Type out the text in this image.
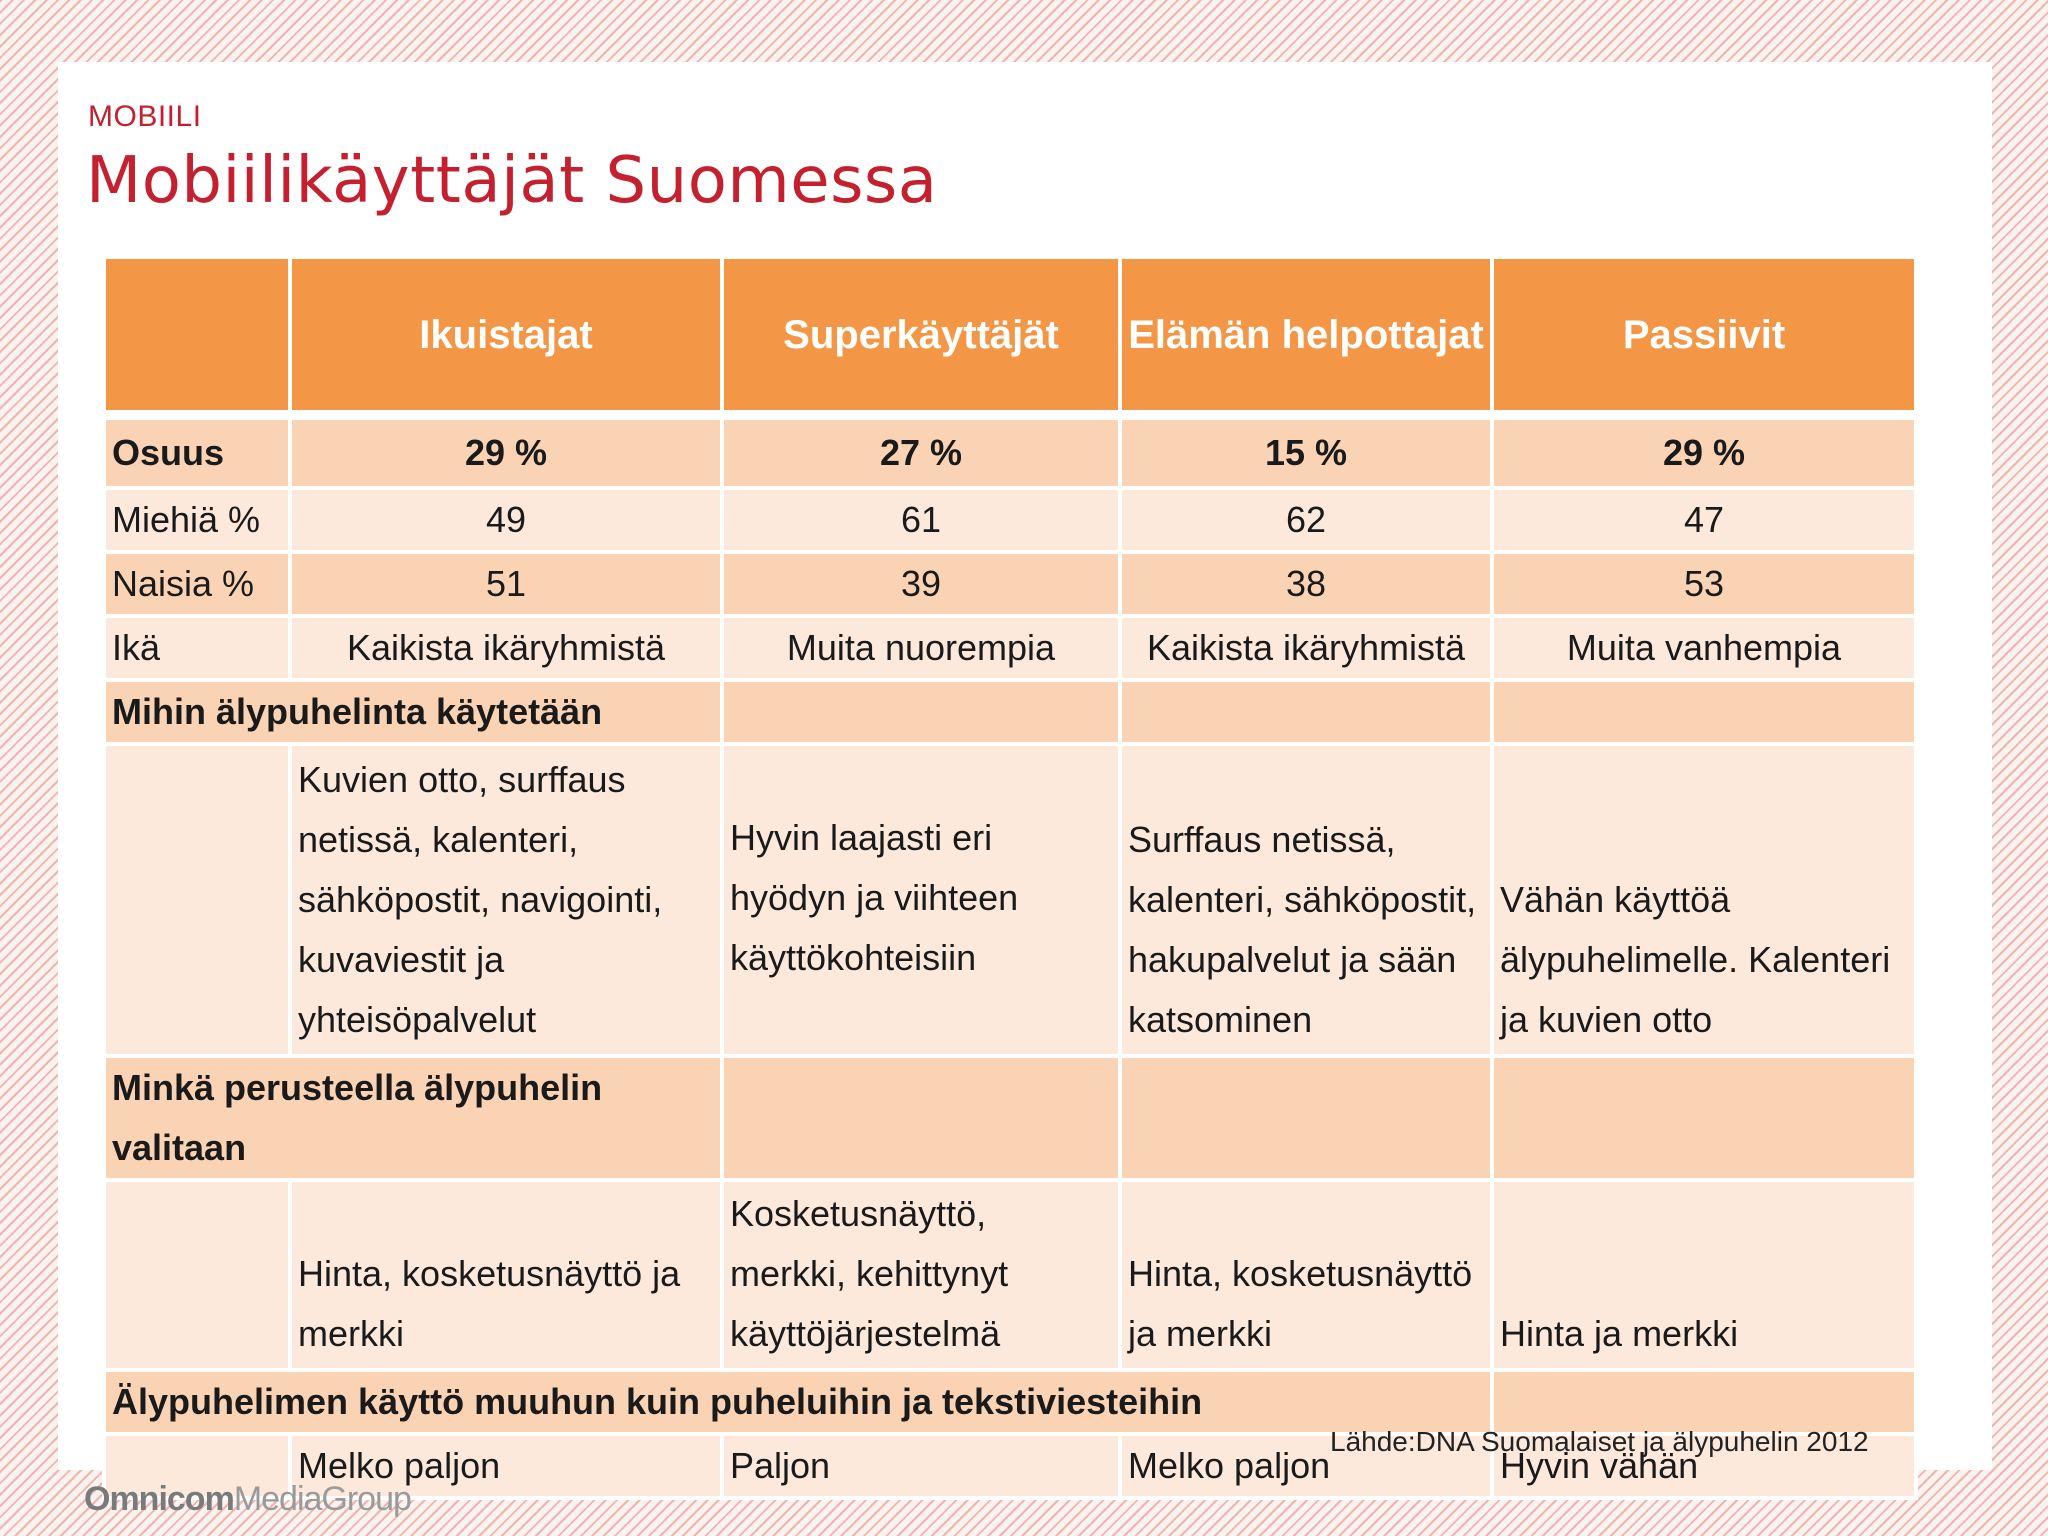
MOBIILI
Mobiilikäyttäjät Suomessa
	Ikuistajat	Superkäyttäjät	Elämän helpottajat	Passiivit

Osuus	29 %	27 %	15 %	29 %
Miehiä %	49	61	62	47
Naisia %	51	39	38	53
Ikä	Kaikista ikäryhmistä	Muita nuorempia	Kaikista ikäryhmistä	Muita vanhempia
Mihin älypuhelinta käytetään				
	Kuvien otto, surffaus netissä, kalenteri, sähköpostit, navigointi, kuvaviestit ja yhteisöpalvelut	Hyvin laajasti eri hyödyn ja viihteen käyttökohteisiin	Surffaus netissä, kalenteri, sähköpostit, hakupalvelut ja sään katsominen	Vähän käyttöä älypuhelimelle. Kalenteri ja kuvien otto
Minkä perusteella älypuhelin valitaan				
	Hinta, kosketusnäyttö ja merkki	Kosketusnäyttö, merkki, kehittynyt käyttöjärjestelmä	Hinta, kosketusnäyttö ja merkki	Hinta ja merkki
Älypuhelimen käyttö muuhun kuin puheluihin ja tekstiviesteihin				
	Melko paljon	Paljon	Melko paljon	Hyvin vähän
Lähde:DNA Suomalaiset ja älypuhelin 2012
OmnicomMediaGroup
